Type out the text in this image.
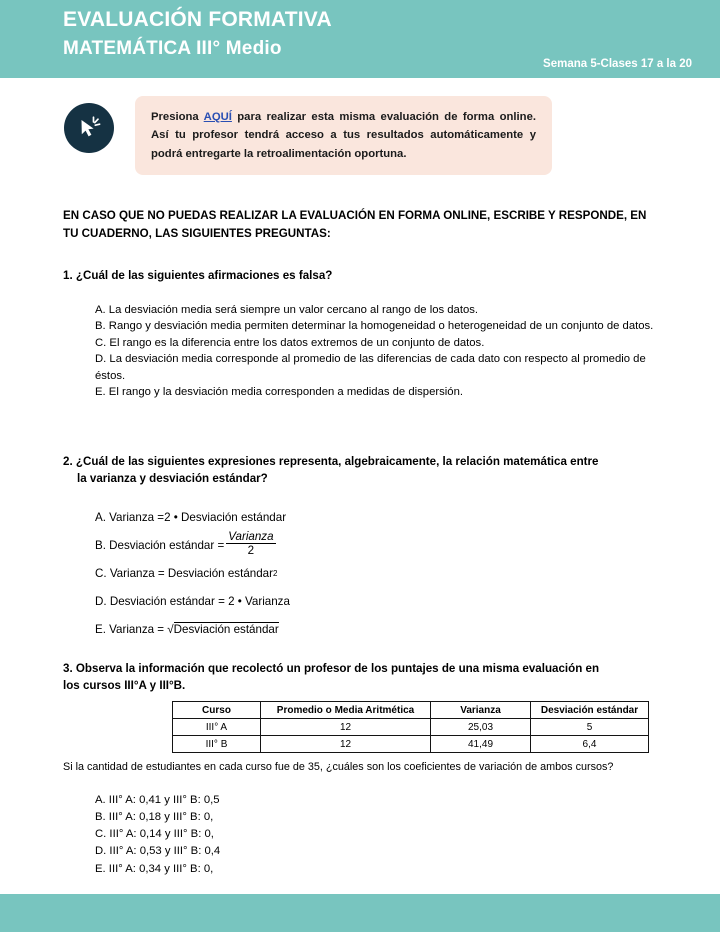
EVALUACIÓN FORMATIVA
MATEMÁTICA III° Medio
Semana 5-Clases 17 a la 20

Presiona AQUÍ para realizar esta misma evaluación de forma online. Así tu profesor tendrá acceso a tus resultados automáticamente y podrá entregarte la retroalimentación oportuna.

EN CASO QUE NO PUEDAS REALIZAR LA EVALUACIÓN EN FORMA ONLINE, ESCRIBE Y RESPONDE, EN TU CUADERNO, LAS SIGUIENTES PREGUNTAS:
1. ¿Cuál de las siguientes afirmaciones es falsa?
A. La desviación media será siempre un valor cercano al rango de los datos.
B. Rango y desviación media permiten determinar la homogeneidad o heterogeneidad de un conjunto de datos.
C. El rango es la diferencia entre los datos extremos de un conjunto de datos.
D. La desviación media corresponde al promedio de las diferencias de cada dato con respecto al promedio de éstos.
E. El rango y la desviación media corresponden a medidas de dispersión.
2. ¿Cuál de las siguientes expresiones representa, algebraicamente, la relación matemática entre
la varianza y desviación estándar?
A. Varianza =2 • Desviación estándar
B. Desviación estándar = $\frac{\text{Varianza}}{2}$
C. Varianza = Desviación estándar 2
D. Desviación estándar = 2 • Varianza
E. Varianza = √ Desviación estándar
3. Observa la información que recolectó un profesor de los puntajes de una misma evaluación en
los cursos III°A y III°B.
Curso	Promedio o Media Aritmética	Varianza	Desviación estándar
III° A	12	25,03	5
III° B	12	41,49	6,4
Si la cantidad de estudiantes en cada curso fue de 35, ¿cuáles son los coeficientes de variación de ambos cursos?
A. III° A: 0,41 y III° B: 0,5
B. III° A: 0,18 y III° B: 0,
C. III° A: 0,14 y III° B: 0,
D. III° A: 0,53 y III° B: 0,4
E. III° A: 0,34 y III° B: 0,
